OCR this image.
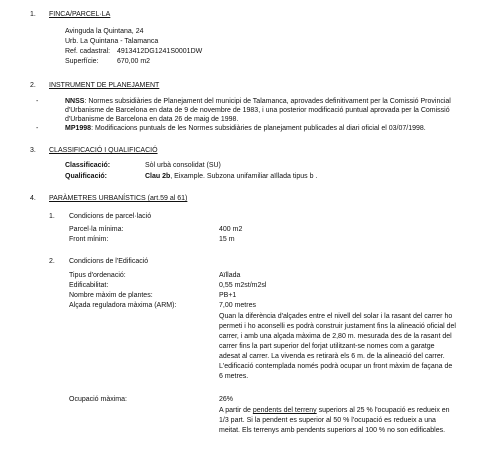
1. FINCA/PARCEL·LA
Avinguda la Quintana, 24
Urb. La Quintana - Talamanca
Ref. cadastral: 4913412DG1241S0001DW
Superfície:	670,00 m2
2. INSTRUMENT DE PLANEJAMENT
-	NNSS: Normes subsidiàries de Planejament del municipi de Talamanca, aprovades definitivament per la Comissió Provincial
d'Urbanisme de Barcelona en data de 9 de novembre de 1983, i una posterior modificació puntual aprovada per la Comissió
d'Urbanisme de Barcelona en data 26 de maig de 1998.
-	MP1998: Modificacions puntuals de les Normes subsidiàries de planejament publicades al diari oficial el 03/07/1998.
3. CLASSIFICACIÓ I QUALIFICACIÓ
Classificació:	Sòl urbà consolidat (SU)
Qualificació:	Clau 2b, Eixample. Subzona unifamiliar aïllada tipus b .
4. PARÀMETRES URBANÍSTICS (art.59 al 61)
1. Condicions de parcel·lació
Parcel·la mínima:	400 m2
Front mínim:	15 m
2. Condicions de l'Edificació
Tipus d'ordenació:	Aïllada
Edificabilitat:	0,55 m2st/m2sl
Nombre màxim de plantes:	PB+1
Alçada reguladora màxima (ARM):	7,00 metres
Quan la diferència d'alçades entre el nivell del solar i la rasant del carrer ho
permeti i ho aconselli es podrà construir justament fins la alineació oficial del
carrer, i amb una alçada màxima de 2,80 m. mesurada des de la rasant del
carrer fins la part superior del forjat utilitzant-se nomes com a garatge
adesat al carrer. La vivenda es retirarà els 6 m. de la alineació del carrer.
L'edificació contemplada només podrà ocupar un front màxim de façana de
6 metres.
Ocupació màxima:	26%
A partir de pendents del terreny superiors al 25 % l'ocupació es redueix en
1/3 part. Si la pendent es superior al 50 % l'ocupació es redueix a una
meitat. Els terrenys amb pendents superiors al 100 % no son edificables.
